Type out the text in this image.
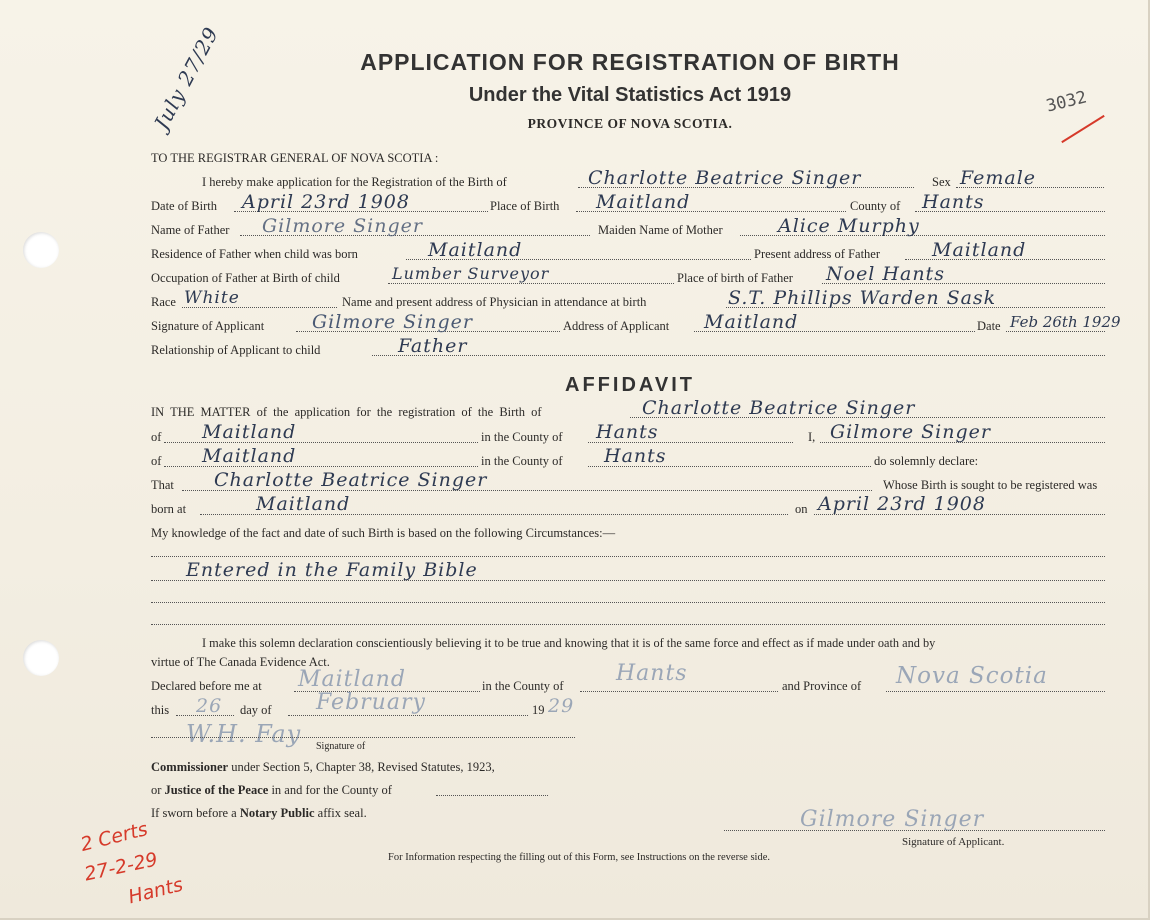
July 27/29	3032
APPLICATION FOR REGISTRATION OF BIRTH
Under the Vital Statistics Act 1919
PROVINCE OF NOVA SCOTIA.
TO THE REGISTRAR GENERAL OF NOVA SCOTIA :
I hereby make application for the Registration of the Birth of	Charlotte Beatrice Singer	Sex Female
Date of Birth April 23rd 1908	Place of Birth Maitland	County of Hants
Name of Father Gilmore Singer	Maiden Name of Mother	Alice Murphy
Residence of Father when child was born	Maitland	Present address of Father	Maitland
Occupation of Father at Birth of child	Lumber Surveyor	Place of birth of Father Noel Hants
Race White	Name and present address of Physician in attendance at birth	S.T. Phillips Warden Sask
Signature of Applicant	Gilmore Singer	Address of Applicant Maitland	Date Feb 26th 1929
Relationship of Applicant to child	Father
AFFIDAVIT
IN THE MATTER of the application for the registration of the Birth of	Charlotte Beatrice Singer
of Maitland	in the County of Hants	I, Gilmore Singer
of Maitland	in the County of Hants	do solemnly declare:
That Charlotte Beatrice Singer	Whose Birth is sought to be registered was
born at	Maitland	on April 23rd 1908
My knowledge of the fact and date of such Birth is based on the following Circumstances:—
Entered in the Family Bible
I make this solemn declaration conscientiously believing it to be true and knowing that it is of the same force and effect as if made under oath and by
virtue of The Canada Evidence Act.
Declared before me at Maitland	in the County of Hants	and Province of Nova Scotia
this 26 day of February	19 29
W.H. Fay Signature of
Commissioner under Section 5, Chapter 38, Revised Statutes, 1923,
or Justice of the Peace in and for the County of
If sworn before a Notary Public affix seal.	Gilmore Singer
Signature of Applicant.
For Information respecting the filling out of this Form, see Instructions on the reverse side.
2 Certs
27-2-29
Hants
